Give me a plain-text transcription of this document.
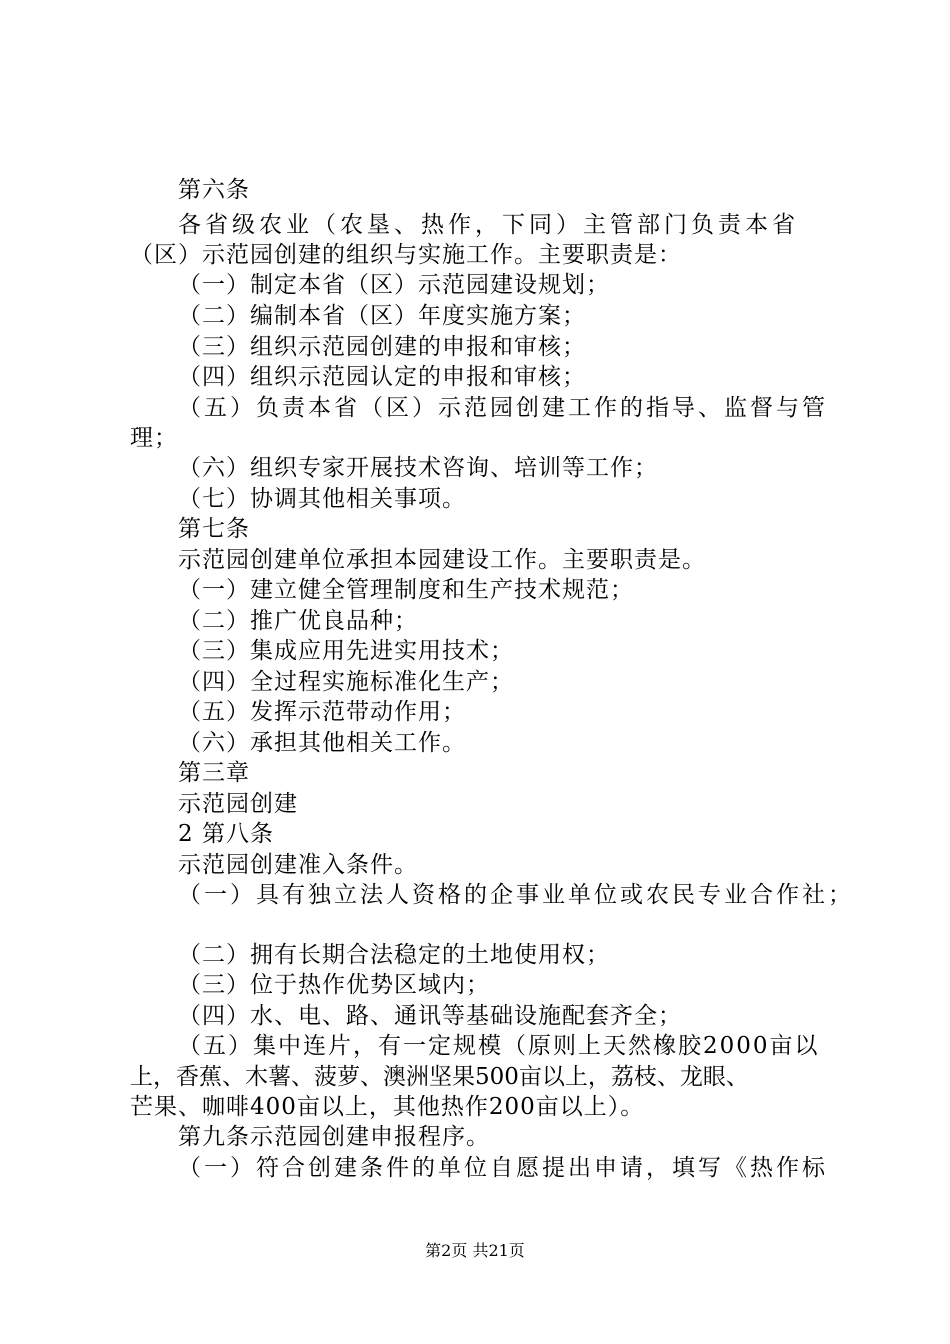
第六条
各省级农业（农垦、热作，下同）主管部门负责本省
（区）示范园创建的组织与实施工作。主要职责是：
（一）制定本省（区）示范园建设规划；
（二）编制本省（区）年度实施方案；
（三）组织示范园创建的申报和审核；
（四）组织示范园认定的申报和审核；
（五）负责本省（区）示范园创建工作的指导、监督与管
理；
（六）组织专家开展技术咨询、培训等工作；
（七）协调其他相关事项。
第七条
示范园创建单位承担本园建设工作。主要职责是。
（一）建立健全管理制度和生产技术规范；
（二）推广优良品种；
（三）集成应用先进实用技术；
（四）全过程实施标准化生产；
（五）发挥示范带动作用；
（六）承担其他相关工作。
第三章
示范园创建
2 第八条
示范园创建准入条件。
（一）具有独立法人资格的企事业单位或农民专业合作社；
（二）拥有长期合法稳定的土地使用权；
（三）位于热作优势区域内；
（四）水、电、路、通讯等基础设施配套齐全；
（五）集中连片，有一定规模（原则上天然橡胶2000亩以
上，香蕉、木薯、菠萝、澳洲坚果500亩以上，荔枝、龙眼、
芒果、咖啡400亩以上，其他热作200亩以上）。
第九条示范园创建申报程序。
（一）符合创建条件的单位自愿提出申请，填写《热作标
第2页 共21页
